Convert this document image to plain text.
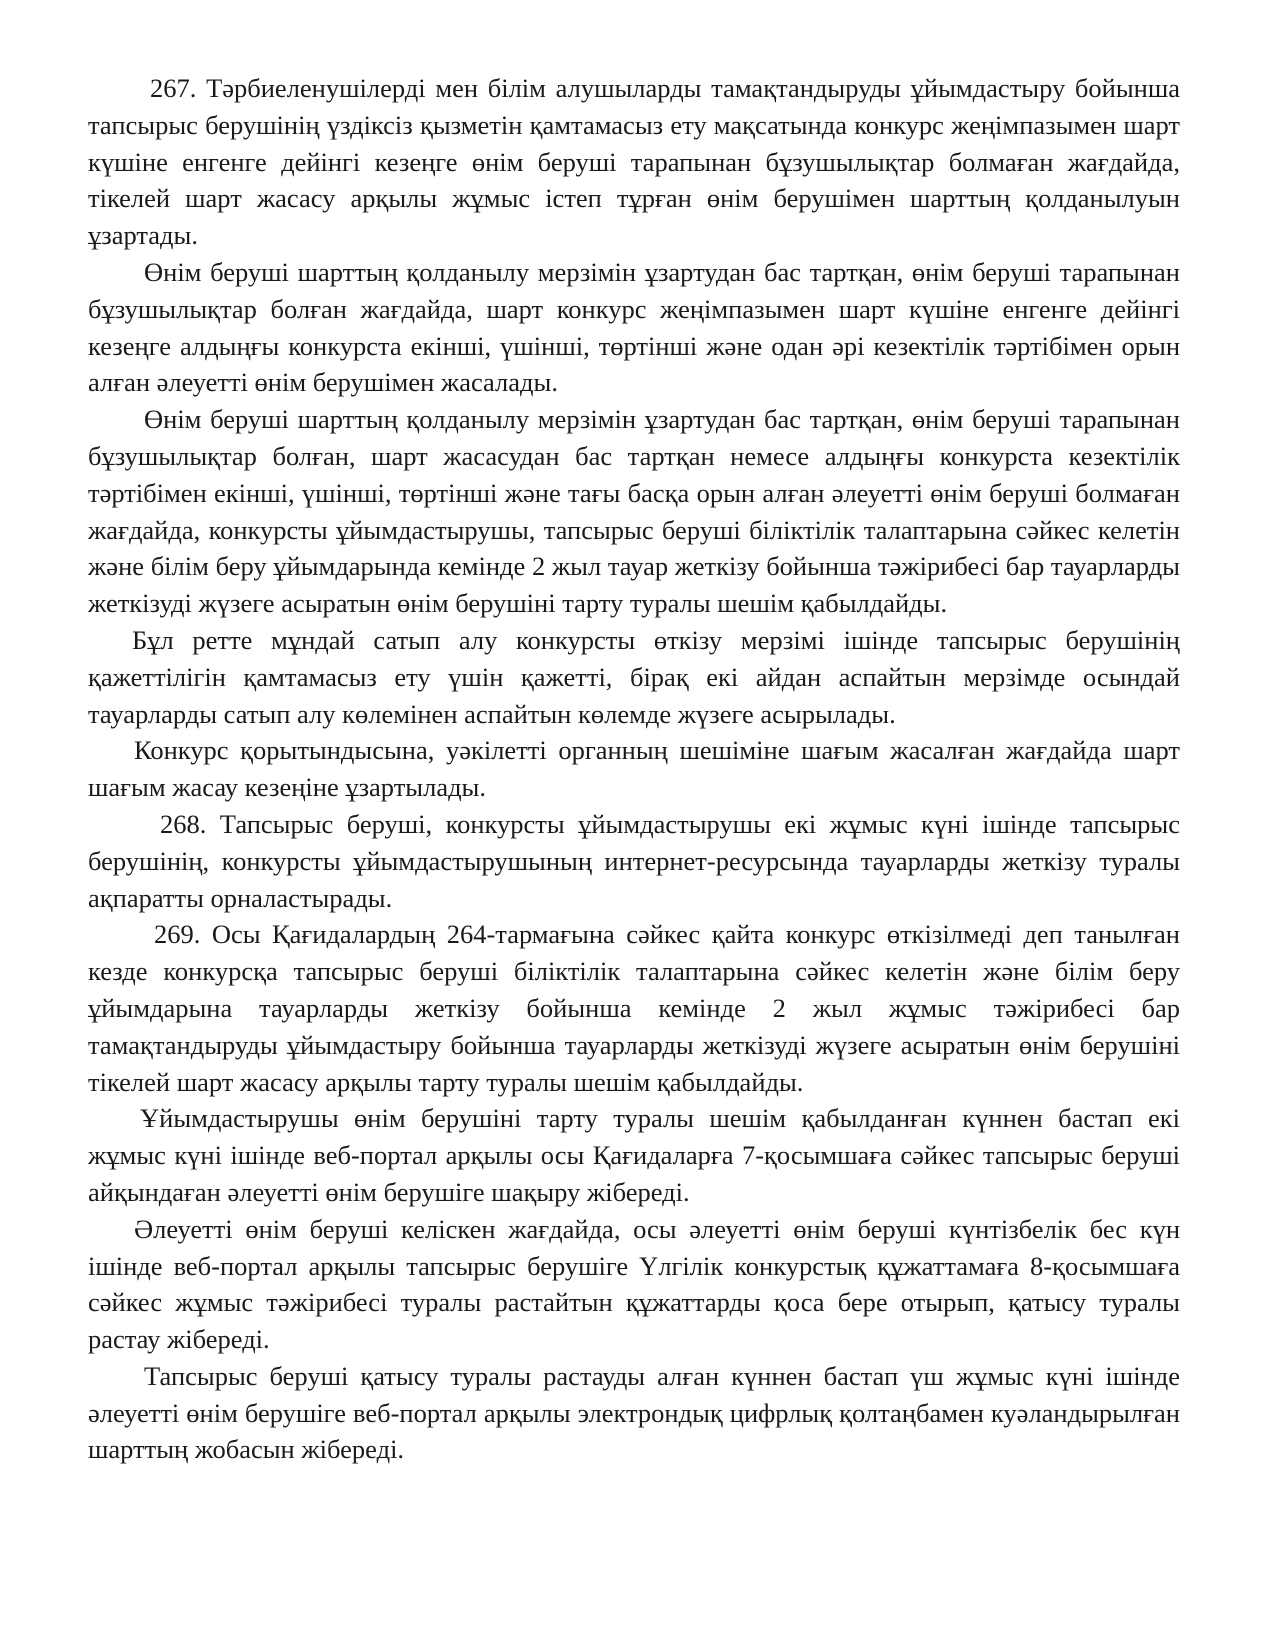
267. Тәрбиеленушілерді мен білім алушыларды тамақтандыруды ұйымдастыру бойынша тапсырыс берушінің үздіксіз қызметін қамтамасыз ету мақсатында конкурс жеңімпазымен шарт күшіне енгенге дейінгі кезеңге өнім беруші тарапынан бұзушылықтар болмаған жағдайда, тікелей шарт жасасу арқылы жұмыс істеп тұрған өнім берушімен шарттың қолданылуын ұзартады.

Өнім беруші шарттың қолданылу мерзімін ұзартудан бас тартқан, өнім беруші тарапынан бұзушылықтар болған жағдайда, шарт конкурс жеңімпазымен шарт күшіне енгенге дейінгі кезеңге алдыңғы конкурста екінші, үшінші, төртінші және одан әрі кезектілік тәртібімен орын алған әлеуетті өнім берушімен жасалады.

Өнім беруші шарттың қолданылу мерзімін ұзартудан бас тартқан, өнім беруші тарапынан бұзушылықтар болған, шарт жасасудан бас тартқан немесе алдыңғы конкурста кезектілік тәртібімен екінші, үшінші, төртінші және тағы басқа орын алған әлеуетті өнім беруші болмаған жағдайда, конкурсты ұйымдастырушы, тапсырыс беруші біліктілік талаптарына сәйкес келетін және білім беру ұйымдарында кемінде 2 жыл тауар жеткізу бойынша тәжірибесі бар тауарларды жеткізуді жүзеге асыратын өнім берушіні тарту туралы шешім қабылдайды.

Бұл ретте мұндай сатып алу конкурсты өткізу мерзімі ішінде тапсырыс берушінің қажеттілігін қамтамасыз ету үшін қажетті, бірақ екі айдан аспайтын мерзімде осындай тауарларды сатып алу көлемінен аспайтын көлемде жүзеге асырылады.

Конкурс қорытындысына, уәкілетті органның шешіміне шағым жасалған жағдайда шарт шағым жасау кезеңіне ұзартылады.

268. Тапсырыс беруші, конкурсты ұйымдастырушы екі жұмыс күні ішінде тапсырыс берушінің, конкурсты ұйымдастырушының интернет-ресурсында тауарларды жеткізу туралы ақпаратты орналастырады.

269. Осы Қағидалардың 264-тармағына сәйкес қайта конкурс өткізілмеді деп танылған кезде конкурсқа тапсырыс беруші біліктілік талаптарына сәйкес келетін және білім беру ұйымдарына тауарларды жеткізу бойынша кемінде 2 жыл жұмыс тәжірибесі бар тамақтандыруды ұйымдастыру бойынша тауарларды жеткізуді жүзеге асыратын өнім берушіні тікелей шарт жасасу арқылы тарту туралы шешім қабылдайды.

Ұйымдастырушы өнім берушіні тарту туралы шешім қабылданған күннен бастап екі жұмыс күні ішінде веб-портал арқылы осы Қағидаларға 7-қосымшаға сәйкес тапсырыс беруші айқындаған әлеуетті өнім берушіге шақыру жібереді.

Әлеуетті өнім беруші келіскен жағдайда, осы әлеуетті өнім беруші күнтізбелік бес күн ішінде веб-портал арқылы тапсырыс берушіге Үлгілік конкурстық құжаттамаға 8-қосымшаға сәйкес жұмыс тәжірибесі туралы растайтын құжаттарды қоса бере отырып, қатысу туралы растау жібереді.

Тапсырыс беруші қатысу туралы растауды алған күннен бастап үш жұмыс күні ішінде әлеуетті өнім берушіге веб-портал арқылы электрондық цифрлық қолтаңбамен куәландырылған шарттың жобасын жібереді.
